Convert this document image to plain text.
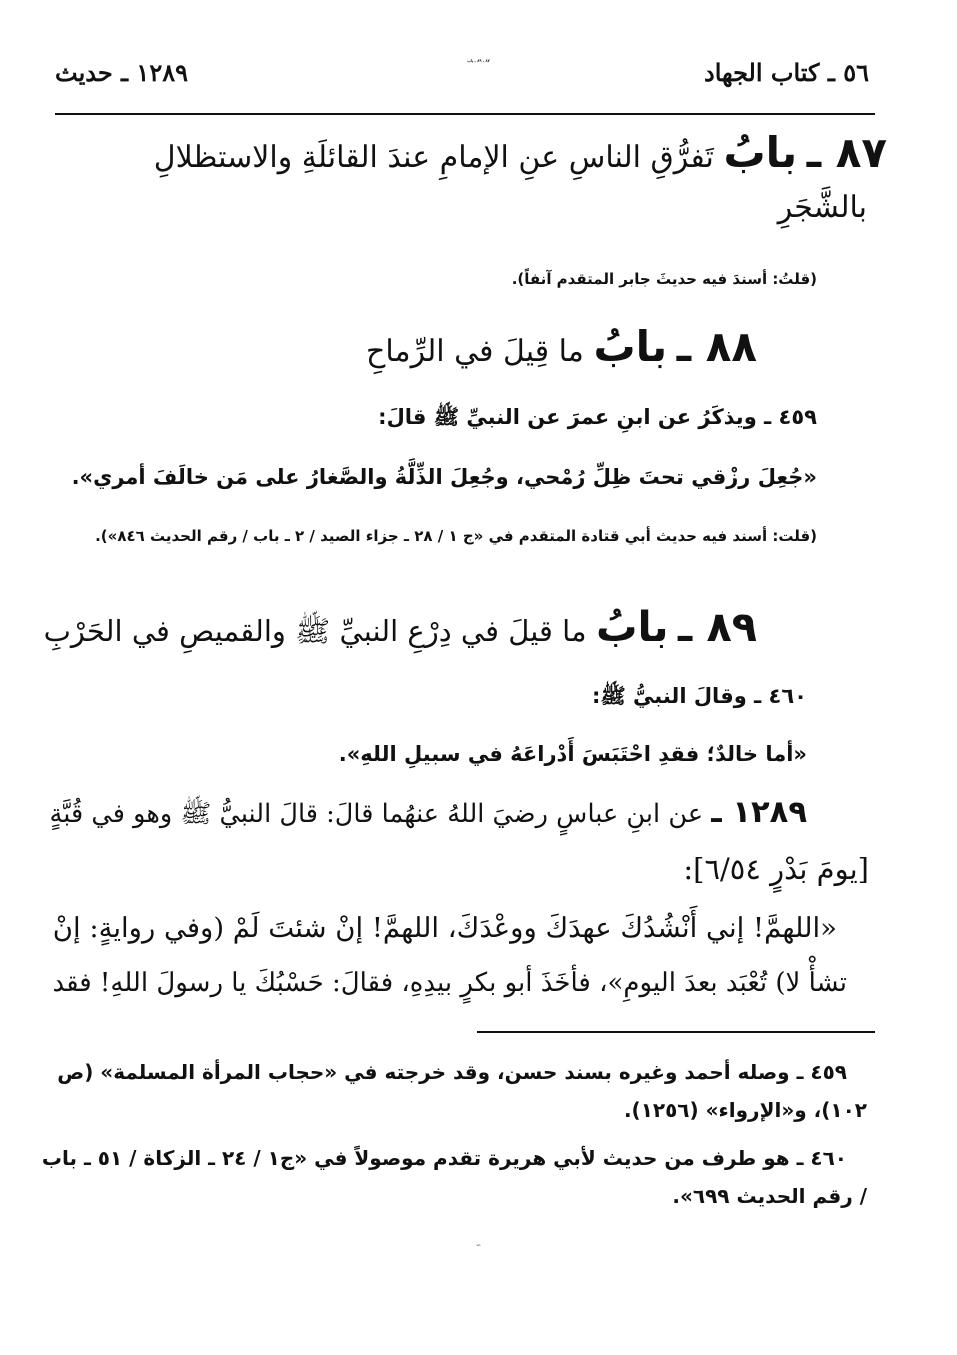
٥٦ ـ كتاب الجهاد
٨٧ ـ ٨٩ ـ باب
١٢٨٩ ـ حديث
٨٧ ـ بابُ تَفرُّقِ الناسِ عنِ الإمامِ عندَ القائلَةِ والاستظلالِ
بالشَّجَرِ
(قلتُ: أسندَ فيه حديثَ جابر المتقدم آنفاً).
٨٨ ـ بابُ ما قِيلَ في الرِّماحِ
٤٥٩ ـ ويذكَرُ عن ابنِ عمرَ عن النبيِّ ﷺ قالَ:
«جُعِلَ رزْقي تحتَ ظِلِّ رُمْحي، وجُعِلَ الذِّلَّةُ والصَّغارُ على مَن خالَفَ أمري».
(قلت: أسند فيه حديث أبي قتادة المتقدم في «ج ١ / ٢٨ ـ جزاء الصيد / ٢ ـ باب / رقم الحديث ٨٤٦»).
٨٩ ـ بابُ ما قيلَ في دِرْعِ النبيِّ ﷺ والقميصِ في الحَرْبِ
٤٦٠ ـ وقالَ النبيُّ ﷺ:
«أما خالدٌ؛ فقدِ احْتَبَسَ أَدْراعَهُ في سبيلِ اللهِ».
١٢٨٩ ـ عن ابنِ عباسٍ رضيَ اللهُ عنهُما قالَ: قالَ النبيُّ ﷺ وهو في قُبَّةٍ
[يومَ بَدْرٍ ٦/٥٤]:
«اللهمَّ! إني أَنْشُدُكَ عهدَكَ ووعْدَكَ، اللهمَّ! إنْ شئتَ لَمْ (وفي روايةٍ: إنْ
تشأْ لا) تُعْبَد بعدَ اليومِ»، فأخَذَ أبو بكرٍ بيدِهِ، فقالَ: حَسْبُكَ يا رسولَ اللهِ! فقد
٤٥٩ ـ وصله أحمد وغيره بسند حسن، وقد خرجته في «حجاب المرأة المسلمة» (ص
١٠٢)، و«الإرواء» (١٢٥٦).
٤٦٠ ـ هو طرف من حديث لأبي هريرة تقدم موصولاً في «ج١ / ٢٤ ـ الزكاة / ٥١ ـ باب
/ رقم الحديث ٦٩٩».
٢٩٦
